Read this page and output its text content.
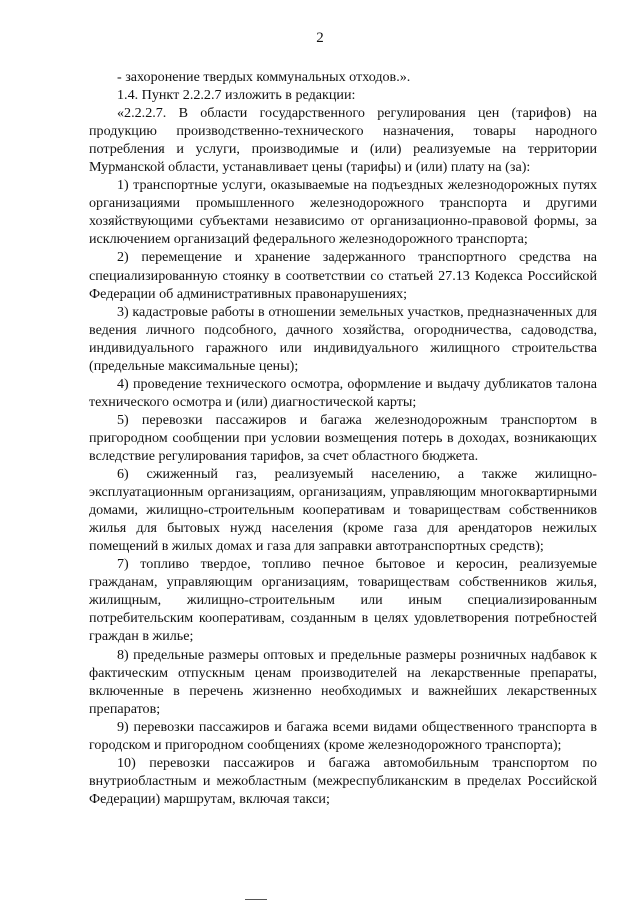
2

- захоронение твердых коммунальных отходов.».

1.4. Пункт 2.2.2.7 изложить в редакции:

«2.2.2.7. В области государственного регулирования цен (тарифов) на продукцию производственно-технического назначения, товары народного потребления и услуги, производимые и (или) реализуемые на территории Мурманской области, устанавливает цены (тарифы) и (или) плату на (за):

1) транспортные услуги, оказываемые на подъездных железнодорожных путях организациями промышленного железнодорожного транспорта и другими хозяйствующими субъектами независимо от организационно-правовой формы, за исключением организаций федерального железнодорожного транспорта;

2) перемещение и хранение задержанного транспортного средства на специализированную стоянку в соответствии со статьей 27.13 Кодекса Российской Федерации об административных правонарушениях;

3) кадастровые работы в отношении земельных участков, предназначенных для ведения личного подсобного, дачного хозяйства, огородничества, садоводства, индивидуального гаражного или индивидуального жилищного строительства (предельные максимальные цены);

4) проведение технического осмотра, оформление и выдачу дубликатов талона технического осмотра и (или) диагностической карты;

5) перевозки пассажиров и багажа железнодорожным транспортом в пригородном сообщении при условии возмещения потерь в доходах, возникающих вследствие регулирования тарифов, за счет областного бюджета.

6) сжиженный газ, реализуемый населению, а также жилищно-эксплуатационным организациям, организациям, управляющим многоквартирными домами, жилищно-строительным кооперативам и товариществам собственников жилья для бытовых нужд населения (кроме газа для арендаторов нежилых помещений в жилых домах и газа для заправки автотранспортных средств);

7) топливо твердое, топливо печное бытовое и керосин, реализуемые гражданам, управляющим организациям, товариществам собственников жилья, жилищным, жилищно-строительным или иным специализированным потребительским кооперативам, созданным в целях удовлетворения потребностей граждан в жилье;

8) предельные размеры оптовых и предельные размеры розничных надбавок к фактическим отпускным ценам производителей на лекарственные препараты, включенные в перечень жизненно необходимых и важнейших лекарственных препаратов;

9) перевозки пассажиров и багажа всеми видами общественного транспорта в городском и пригородном сообщениях (кроме железнодорожного транспорта);

10) перевозки пассажиров и багажа автомобильным транспортом по внутриобластным и межобластным (межреспубликанским в пределах Российской Федерации) маршрутам, включая такси;
